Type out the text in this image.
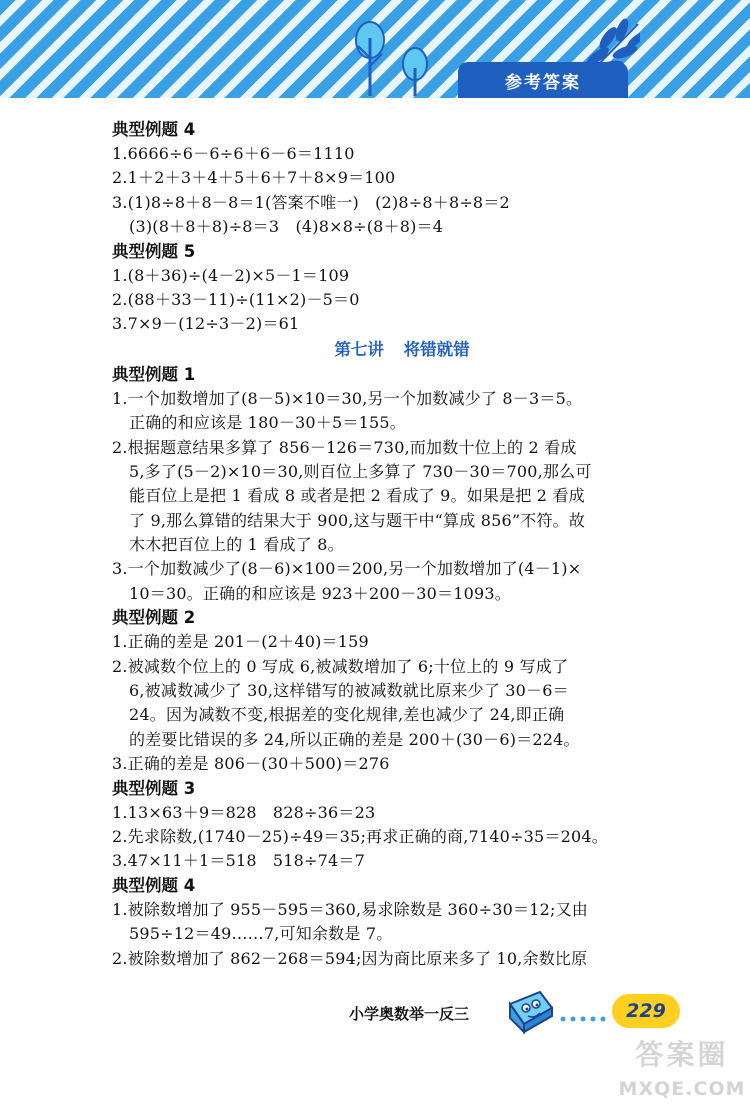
参考答案
典型例题 4
1.6666÷6－6÷6＋6－6＝1110
2.1＋2＋3＋4＋5＋6＋7＋8×9＝100
3.(1)8÷8＋8－8＝1(答案不唯一)　(2)8÷8＋8÷8＝2
(3)(8＋8＋8)÷8＝3　(4)8×8÷(8＋8)＝4
典型例题 5
1.(8＋36)÷(4－2)×5－1＝109
2.(88＋33－11)÷(11×2)－5＝0
3.7×9－(12÷3－2)＝61
第七讲 将错就错
典型例题 1
1.一个加数增加了(8－5)×10＝30,另一个加数减少了 8－3＝5。
正确的和应该是 180－30＋5＝155。
2.根据题意结果多算了 856－126＝730,而加数十位上的 2 看成
5,多了(5－2)×10＝30,则百位上多算了 730－30＝700,那么可
能百位上是把 1 看成 8 或者是把 2 看成了 9。如果是把 2 看成
了 9,那么算错的结果大于 900,这与题干中“算成 856”不符。故
木木把百位上的 1 看成了 8。
3.一个加数减少了(8－6)×100＝200,另一个加数增加了(4－1)×
10＝30。正确的和应该是 923＋200－30＝1093。
典型例题 2
1.正确的差是 201－(2＋40)＝159
2.被减数个位上的 0 写成 6,被减数增加了 6;十位上的 9 写成了
6,被减数减少了 30,这样错写的被减数就比原来少了 30－6＝
24。因为减数不变,根据差的变化规律,差也减少了 24,即正确
的差要比错误的多 24,所以正确的差是 200＋(30－6)＝224。
3.正确的差是 806－(30＋500)＝276
典型例题 3
1.13×63＋9＝828　828÷36＝23
2.先求除数,(1740－25)÷49＝35;再求正确的商,7140÷35＝204。
3.47×11＋1＝518　518÷74＝7
典型例题 4
1.被除数增加了 955－595＝360,易求除数是 360÷30＝12;又由
595÷12＝49……7,可知余数是 7。
2.被除数增加了 862－268＝594;因为商比原来多了 10,余数比原
小学奥数举一反三	229
答案圈
MXQE.COM
